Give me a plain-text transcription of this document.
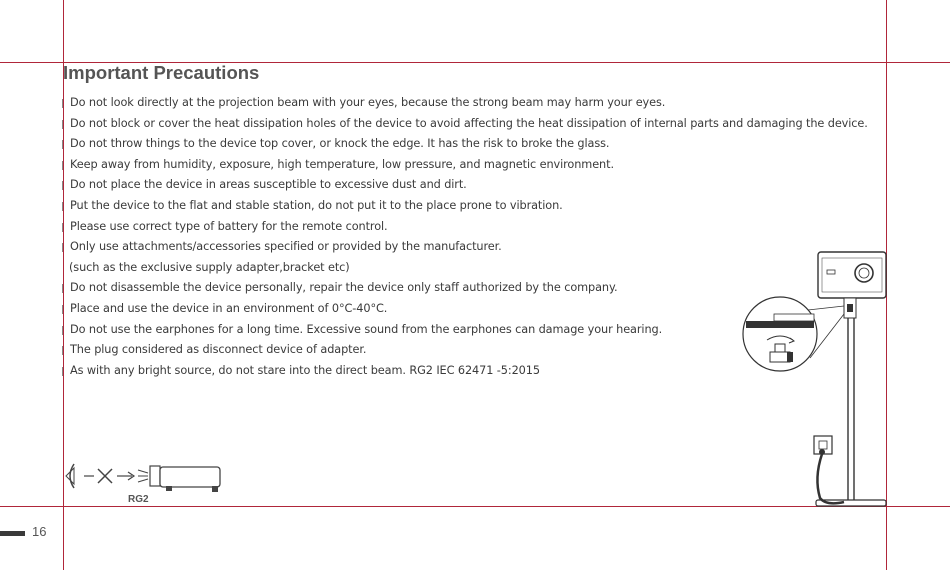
Important Precautions
Do not look directly at the projection beam with your eyes, because the strong beam may harm your eyes.
Do not block or cover the heat dissipation holes of the device to avoid affecting the heat dissipation of internal parts and damaging the device.
Do not throw things to the device top cover, or knock the edge. It has the risk to broke the glass.
Keep away from humidity, exposure, high temperature, low pressure, and magnetic environment.
Do not place the device in areas susceptible to excessive dust and dirt.
Put the device to the flat and stable station, do not put it to the place prone to vibration.
Please use correct type of battery for the remote control.
Only use attachments/accessories specified or provided by the manufacturer.
(such as the exclusive supply adapter,bracket etc)
Do not disassemble the device personally, repair the device only staff authorized by the company.
Place and use the device in an environment of 0°C-40°C.
Do not use the earphones for a long time. Excessive sound from the earphones can damage your hearing.
The plug considered as disconnect device of adapter.
As with any bright source, do not stare into the direct beam. RG2 IEC 62471 -5:2015
RG2
16
